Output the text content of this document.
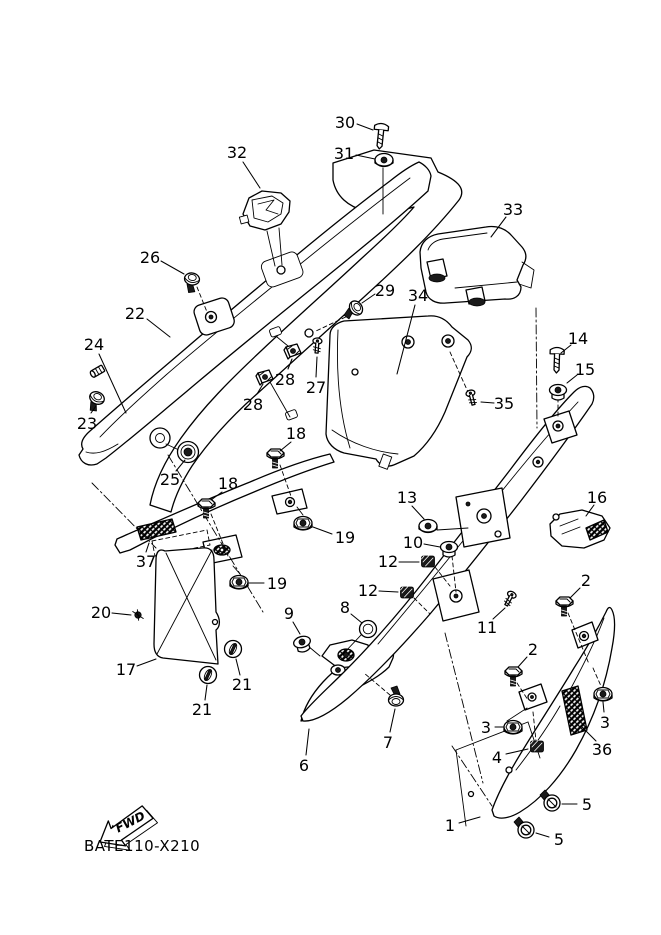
30
31
32
26
22
24
23
25
28
28
27
29 34
33
35
14
15
16
13
19
19
10
12
12
18
18
37
20
17
21
21
8
9
11
6
7
2
2
3	3
4	36
1
5
5
FWD
BATE110-X210
